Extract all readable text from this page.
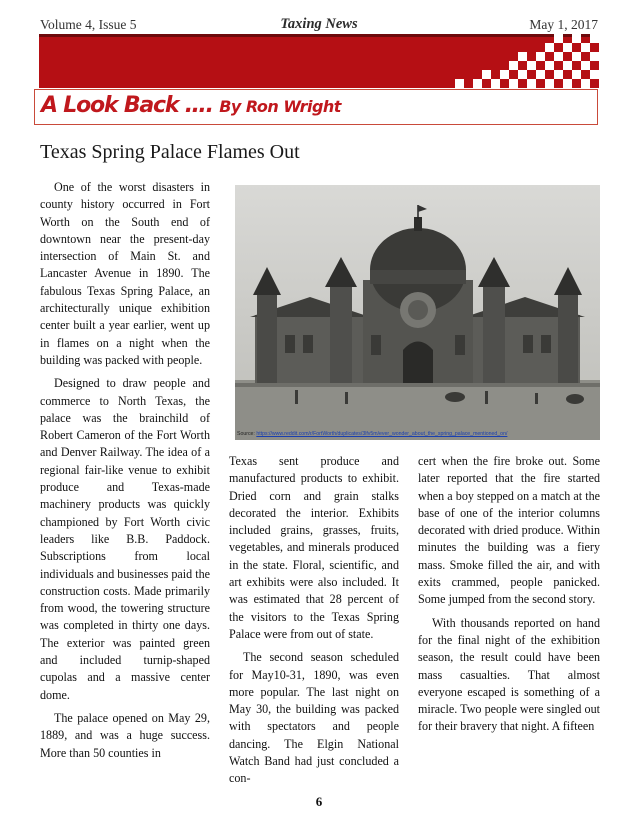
Volume 4, Issue 5	Taxing News	May 1, 2017
A Look Back …. By Ron Wright
Texas Spring Palace Flames Out

One of the worst disasters in county history occurred in Fort Worth on the South end of downtown near the present-day intersection of Main St. and Lancaster Avenue in 1890. The fabulous Texas Spring Palace, an architecturally unique exhibition center built a year earlier, went up in flames on a night when the building was packed with people.

Designed to draw people and commerce to North Texas, the palace was the brainchild of Robert Cameron of the Fort Worth and Denver Railway. The idea of a regional fair-like venue to exhibit produce and Texas-made machinery products was quickly championed by Fort Worth civic leaders like B.B. Paddock. Subscriptions from local individuals and businesses paid the construction costs. Made primarily from wood, the towering structure was completed in thirty one days. The exterior was painted green and included turnip-shaped cupolas and a massive center dome.

The palace opened on May 29, 1889, and was a huge success. More than 50 counties in

Source: https://www.reddit.com/r/FortWorth/duplicates/3lfv5m/ever_wonder_about_the_spring_palace_mentioned_on/

Texas sent produce and manufactured products to exhibit. Dried corn and grain stalks decorated the interior. Exhibits included grains, grasses, fruits, vegetables, and minerals produced in the state. Floral, scientific, and art exhibits were also included. It was estimated that 28 percent of the visitors to the Texas Spring Palace were from out of state.

The second season scheduled for May10-31, 1890, was even more popular. The last night on May 30, the building was packed with spectators and people dancing. The Elgin National Watch Band had just concluded a con-

cert when the fire broke out. Some later reported that the fire started when a boy stepped on a match at the base of one of the interior columns decorated with dried produce. Within minutes the building was a fiery mass. Smoke filled the air, and with exits crammed, people panicked. Some jumped from the second story.

With thousands reported on hand for the final night of the exhibition season, the result could have been mass casualties. That almost everyone escaped is something of a miracle. Two people were singled out for their bravery that night. A fifteen

6
